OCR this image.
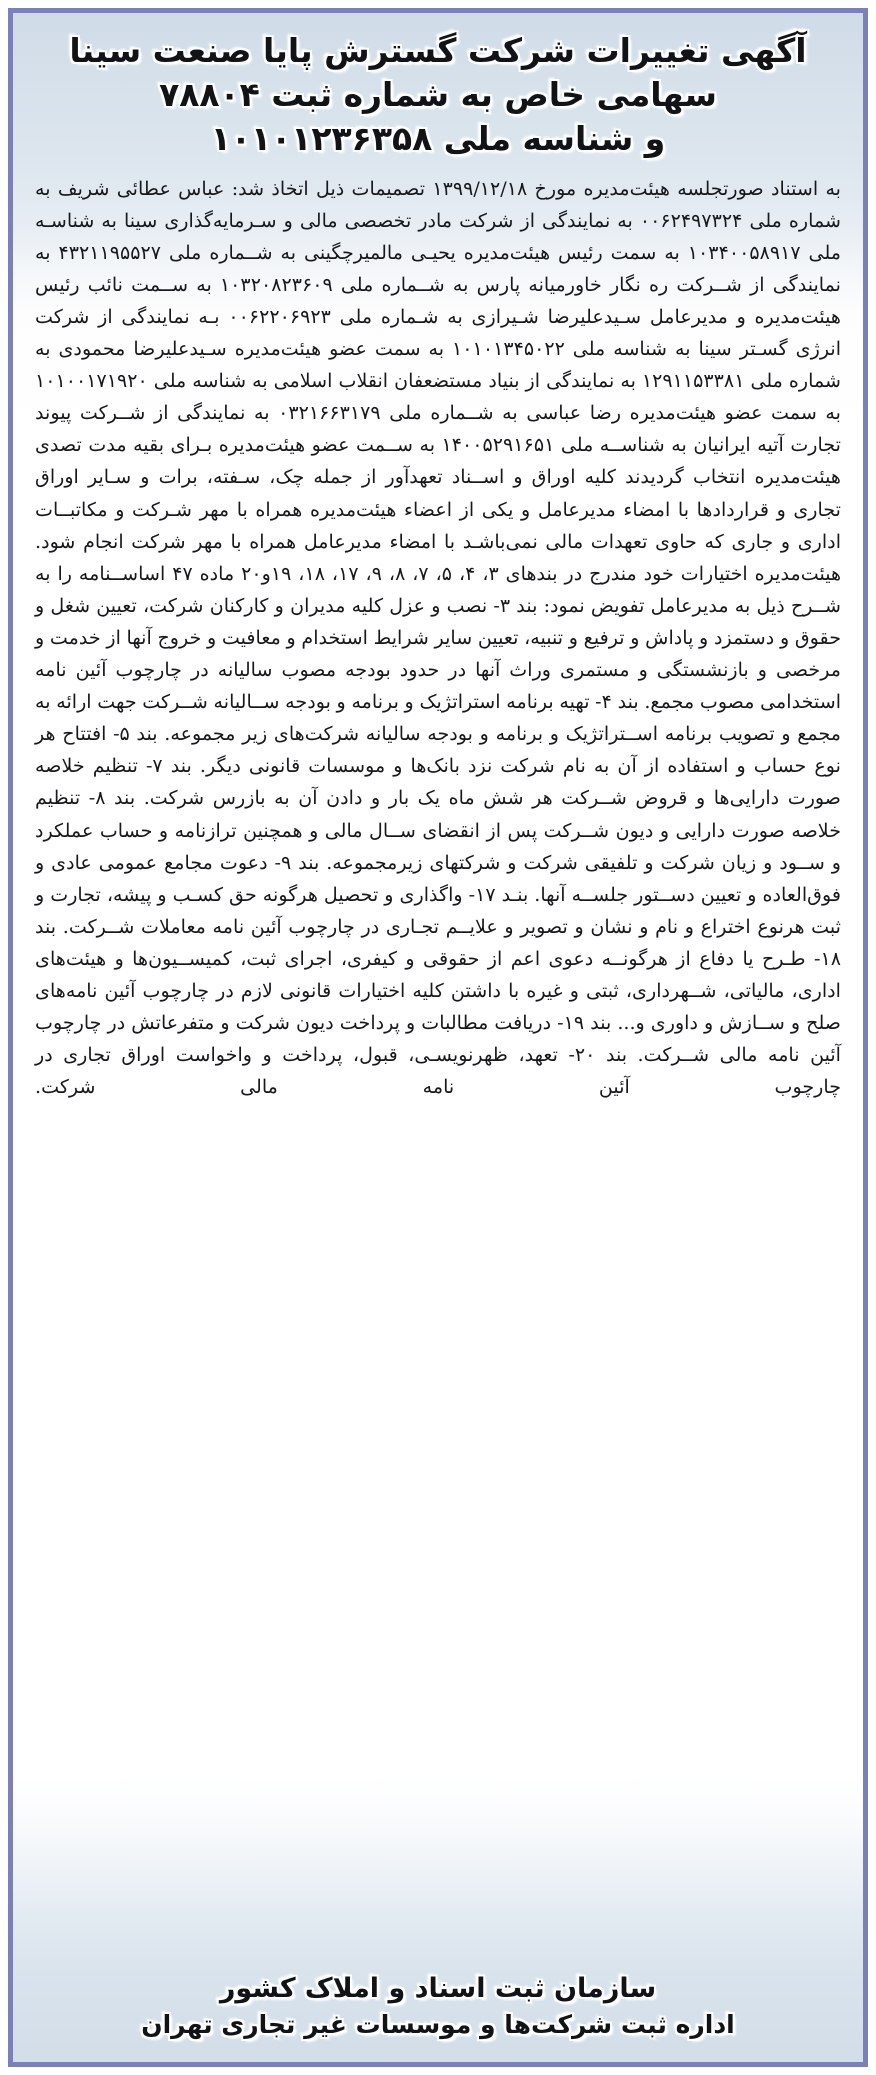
آگهی تغییرات شرکت گسترش پایا صنعت سینا
سهامی خاص به شماره ثبت ۷۸۸۰۴
و شناسه ملی ۱۰۱۰۱۲۳۶۳۵۸

به استناد صورتجلسه هیئت‌مدیره مورخ ۱۳۹۹/۱۲/۱۸ تصمیمات ذیل اتخاذ شد: عباس عطائی شریف به شماره ملی ۰۰۶۲۴۹۷۳۲۴ به نمایندگی از شرکت مادر تخصصی مالی و سـرمایه‌گذاری سینا به شناسـه ملی ۱۰۳۴۰۰۵۸۹۱۷ به سمت رئیس هیئت‌مدیره یحیـی مالمیرچگینی به شــماره ملی ۴۳۲۱۱۹۵۵۲۷ به نمایندگی از شــرکت ره نگار خاورمیانه پارس به شــماره ملی ۱۰۳۲۰۸۲۳۶۰۹ به ســمت نائب رئیس هیئت‌مدیره و مدیرعامل سـیدعلیرضا شـیرازی به شـماره ملی ۰۰۶۲۲۰۶۹۲۳ بـه نمایندگی از شرکت انرژی گسـتر سینا به شناسه ملی ۱۰۱۰۱۳۴۵۰۲۲ به سمت عضو هیئت‌مدیره سـیدعلیرضا محمودی به شماره ملی ۱۲۹۱۱۵۳۳۸۱ به نمایندگی از بنیاد مستضعفان انقلاب اسلامی به شناسه ملی ۱۰۱۰۰۱۷۱۹۲۰ به سمت عضو هیئت‌مدیره رضا عباسی به شــماره ملی ۰۳۲۱۶۶۳۱۷۹ به نمایندگی از شــرکت پیوند تجارت آتیه ایرانیان به شناســه ملی ۱۴۰۰۵۲۹۱۶۵۱ به ســمت عضو هیئت‌مدیره بـرای بقیه مدت تصدی هیئت‌مدیره انتخاب گردیدند کلیه اوراق و اســناد تعهدآور از جمله چک، سـفته، برات و سـایر اوراق تجاری و قراردادها با امضاء مدیرعامل و یکی از اعضاء هیئت‌مدیره همراه با مهر شـرکت و مکاتبــات اداری و جاری که حاوی تعهدات مالی نمی‌باشـد با امضاء مدیرعامل همراه با مهر شرکت انجام شود. هیئت‌مدیره اختیارات خود مندرج در بندهای ۳، ۴، ۵، ۷، ۸، ۹، ۱۷، ۱۸، ۱۹و۲۰ ماده ۴۷ اساســنامه را به شــرح ذیل به مدیرعامل تفویض نمود: بند ۳- نصب و عزل کلیه مدیران و کارکنان شرکت، تعیین شغل و حقوق و دستمزد و پاداش و ترفیع و تنبیه، تعیین سایر شرایط استخدام و معافیت و خروج آنها از خدمت و مرخصی و بازنشستگی و مستمری وراث آنها در حدود بودجه مصوب سالیانه در چارچوب آئین نامه استخدامی مصوب مجمع. بند ۴- تهیه برنامه استراتژیک و برنامه و بودجه ســالیانه شــرکت جهت ارائه به مجمع و تصویب برنامه اســتراتژیک و برنامه و بودجه سالیانه شرکت‌های زیر مجموعه. بند ۵- افتتاح هر نوع حساب و استفاده از آن به نام شرکت نزد بانک‌ها و موسسات قانونی دیگر. بند ۷- تنظیم خلاصه صورت دارایی‌ها و قروض شــرکت هر شش ماه یک بار و دادن آن به بازرس شرکت. بند ۸- تنظیم خلاصه صورت دارایی و دیون شــرکت پس از انقضای ســال مالی و همچنین ترازنامه و حساب عملکرد و ســود و زیان شرکت و تلفیقی شرکت و شرکتهای زیرمجموعه. بند ۹- دعوت مجامع عمومی عادی و فوق‌العاده و تعیین دســتور جلســه آنها. بنـد ۱۷- واگذاری و تحصیل هرگونه حق کسـب و پیشه، تجارت و ثبت هرنوع اختراع و نام و نشان و تصویر و علایــم تجـاری در چارچوب آئین نامه معاملات شــرکت. بند ۱۸- طـرح یا دفاع از هرگونــه دعوی اعم از حقوقی و کیفری، اجرای ثبت، کمیســیون‌ها و هیئت‌های اداری، مالیاتی، شــهرداری، ثبتی و غیره با داشتن کلیه اختیارات قانونی لازم در چارچوب آئین نامه‌های صلح و ســازش و داوری و... بند ۱۹- دریافت مطالبات و پرداخت دیون شرکت و متفرعاتش در چارچوب آئین نامه مالی شــرکت. بند ۲۰- تعهد، ظهرنویسـی، قبول، پرداخت و واخواست اوراق تجاری در چارچوب آئین نامه مالی شرکت.

سازمان ثبت اسناد و املاک کشور
اداره ثبت شرکت‌ها و موسسات غیر تجاری تهران
